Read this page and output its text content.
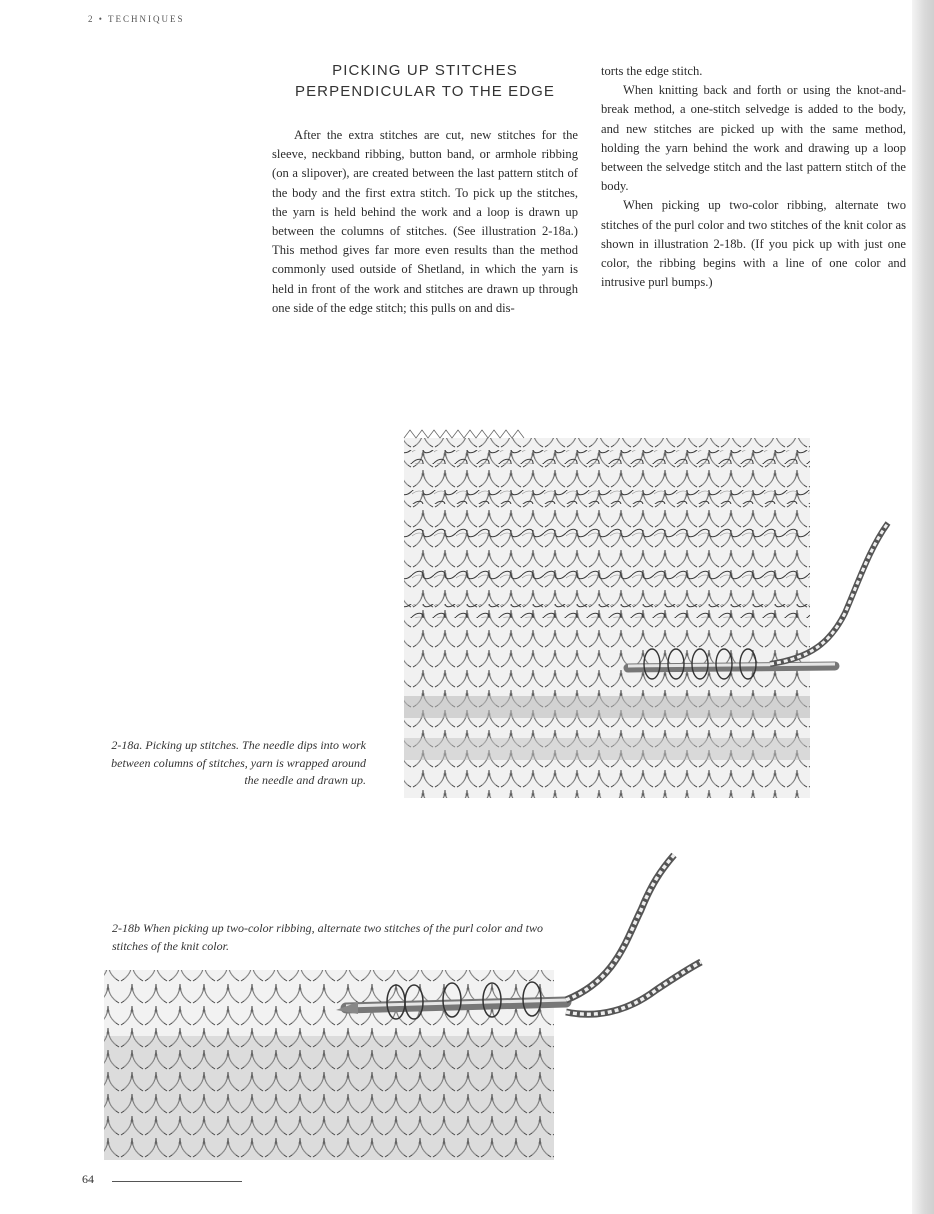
2 • TECHNIQUES
PICKING UP STITCHES
PERPENDICULAR TO THE EDGE

After the extra stitches are cut, new stitches for the sleeve, neckband ribbing, button band, or armhole ribbing (on a slipover), are created between the last pattern stitch of the body and the first extra stitch. To pick up the stitches, the yarn is held behind the work and a loop is drawn up between the columns of stitches. (See illustration 2-18a.) This method gives far more even results than the method commonly used outside of Shetland, in which the yarn is held in front of the work and stitches are drawn up through one side of the edge stitch; this pulls on and dis-

torts the edge stitch.

When knitting back and forth or using the knot-and-break method, a one-stitch selvedge is added to the body, and new stitches are picked up with the same method, holding the yarn behind the work and drawing up a loop between the selvedge stitch and the last pattern stitch of the body.

When picking up two-color ribbing, alternate two stitches of the purl color and two stitches of the knit color as shown in illustration 2-18b. (If you pick up with just one color, the ribbing begins with a line of one color and intrusive purl bumps.)

2-18a. Picking up stitches. The needle dips into work between columns of stitches, yarn is wrapped around the needle and drawn up.
2-18b When picking up two-color ribbing, alternate two stitches of the purl color and two stitches of the knit color.
64
